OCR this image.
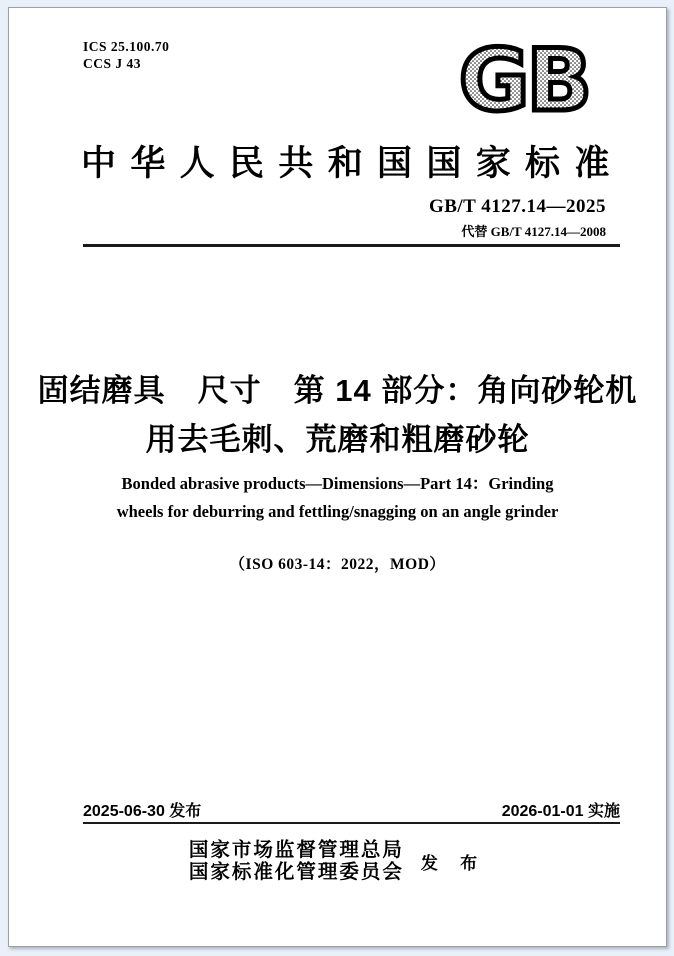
ICS 25.100.70
CCS J 43	GB
中华人民共和国国家标准
GB/T 4127.14—2025
代替 GB/T 4127.14—2008
固结磨具　尺寸　第 14 部分：角向砂轮机
用去毛刺、荒磨和粗磨砂轮
Bonded abrasive products—Dimensions—Part 14：Grinding
wheels for deburring and fettling/snagging on an angle grinder
（ISO 603-14：2022，MOD）
2025-06-30 发布	2026-01-01 实施
国家市场监督管理总局
国家标准化管理委员会 发 布
